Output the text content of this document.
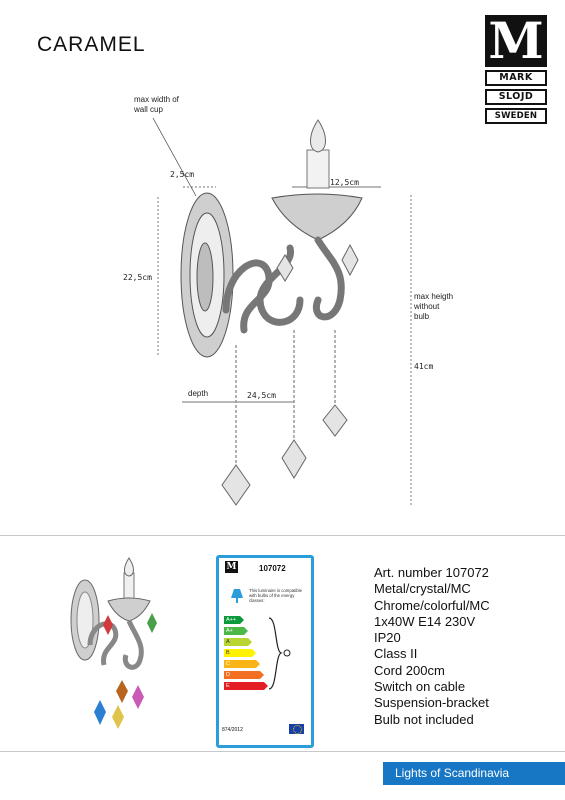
CARAMEL	M
MARK
SLÖJD
SWEDEN
max width of
wall cup
2,5cm
12,5cm
22,5cm
depth	24,5cm
max heigth
without
bulb
41cm
M	107072
This luminaire is compatible with bulbs of the energy classes:
A++
A+
A
B
C
D
E
874/2012
Art. number 107072
Metal/crystal/MC
Chrome/colorful/MC
1x40W E14 230V
IP20
Class II
Cord 200cm
Switch on cable
Suspension-bracket
Bulb not included
Lights of Scandinavia
